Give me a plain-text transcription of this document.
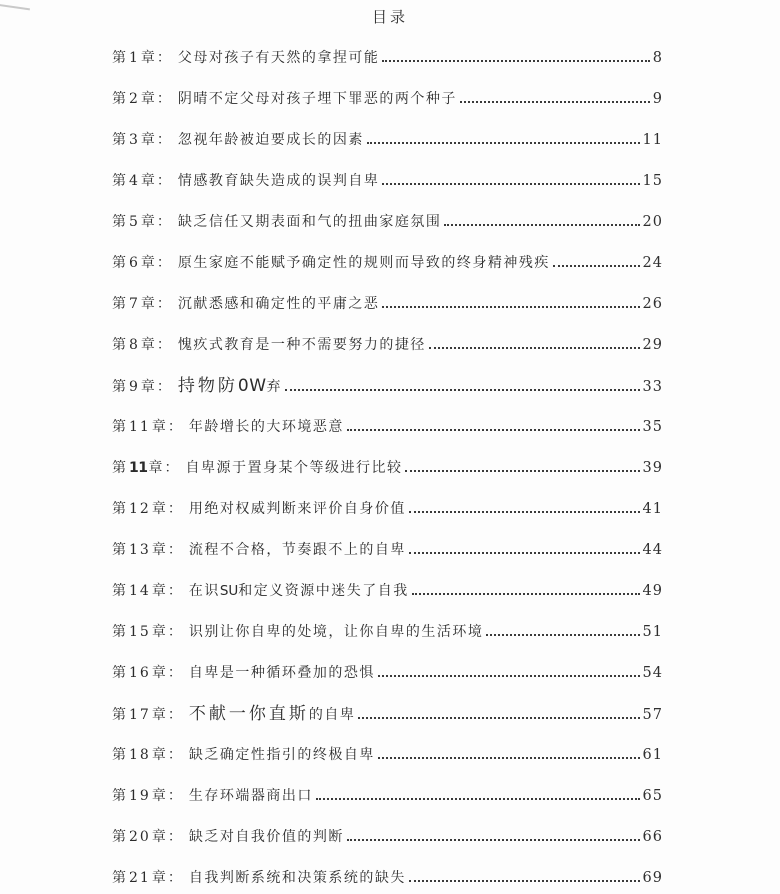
目录
第1章： 父母对孩子有天然的拿捏可能	8
第2章： 阴晴不定父母对孩子埋下罪恶的两个种子	9
第3章： 忽视年龄被迫要成长的因素	11
第4章： 情感教育缺失造成的误判自卑	15
第5章： 缺乏信任又期表面和气的扭曲家庭氛围	20
第6章： 原生家庭不能赋予确定性的规则而导致的终身精神残疾	24
第7章： 沉献悉感和确定性的平庸之恶	26
第8章： 愧疚式教育是一种不需要努力的捷径	29
第9章： 持物防0W弃	33
第11章： 年龄增长的大环境恶意	35
第11章： 自卑源于置身某个等级进行比较	39
第12章： 用绝对权威判断来评价自身价值	41
第13章： 流程不合格，节奏跟不上的自卑	44
第14章： 在识SU和定义资源中迷失了自我	49
第15章： 识别让你自卑的处境，让你自卑的生活环境	51
第16章： 自卑是一种循环叠加的恐惧	54
第17章： 不献一你直斯的自卑	57
第18章： 缺乏确定性指引的终极自卑	61
第19章： 生存环端器商出口	65
第20章： 缺乏对自我价值的判断	66
第21章： 自我判断系统和决策系统的缺失	69
